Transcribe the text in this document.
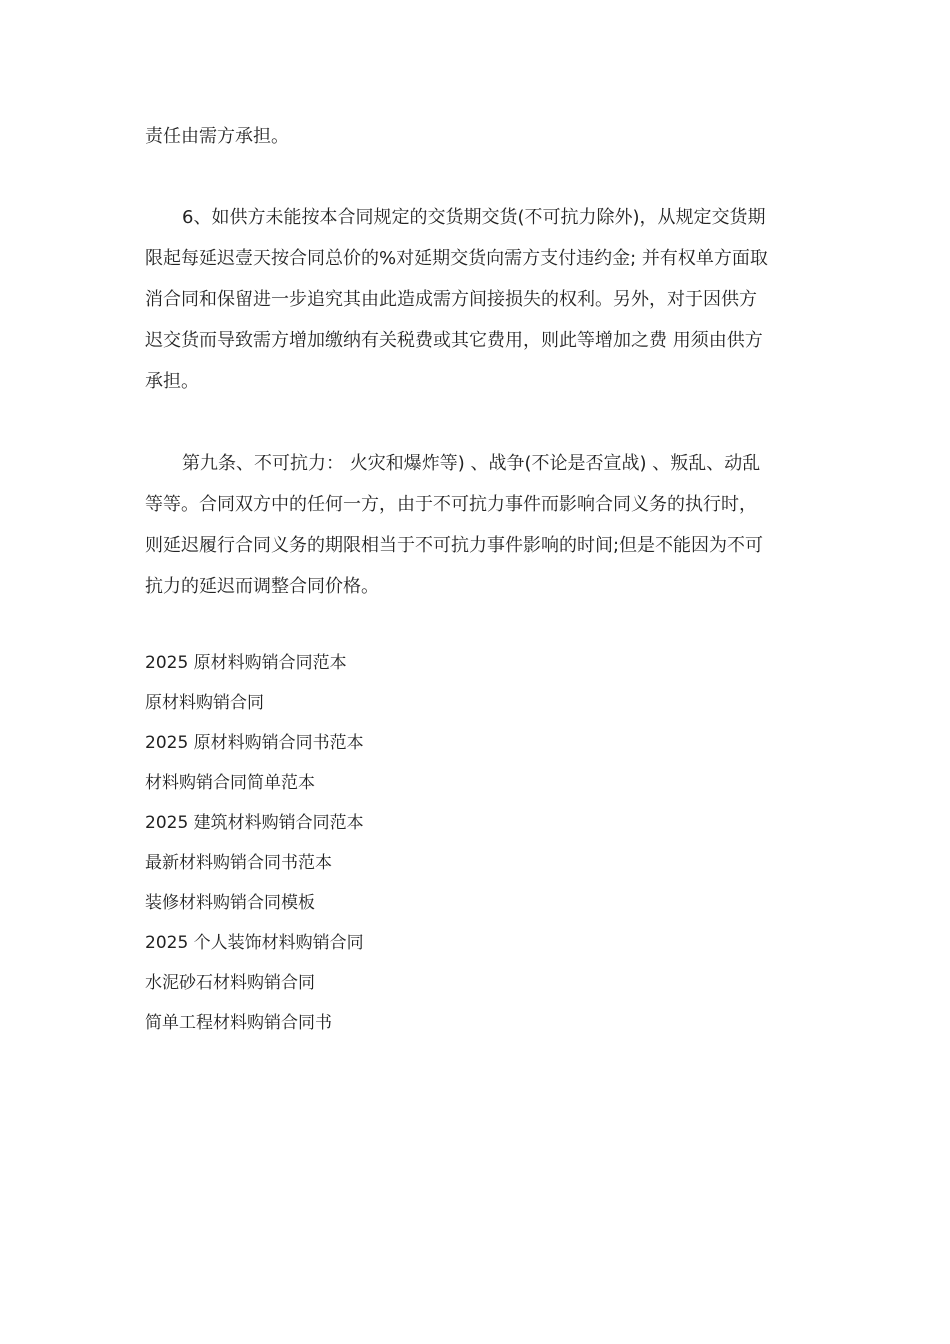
责任由需方承担。

6、如供方未能按本合同规定的交货期交货(不可抗力除外)，从规定交货期
限起每延迟壹天按合同总价的%对延期交货向需方支付违约金; 并有权单方面取
消合同和保留进一步追究其由此造成需方间接损失的权利。另外，对于因供方
迟交货而导致需方增加缴纳有关税费或其它费用，则此等增加之费 用须由供方
承担。

第九条、不可抗力： 火灾和爆炸等) 、战争(不论是否宣战) 、叛乱、动乱
等等。合同双方中的任何一方，由于不可抗力事件而影响合同义务的执行时，
则延迟履行合同义务的期限相当于不可抗力事件影响的时间;但是不能因为不可
抗力的延迟而调整合同价格。

2025 原材料购销合同范本
原材料购销合同
2025 原材料购销合同书范本
材料购销合同简单范本
2025 建筑材料购销合同范本
最新材料购销合同书范本
装修材料购销合同模板
2025 个人装饰材料购销合同
水泥砂石材料购销合同
简单工程材料购销合同书
